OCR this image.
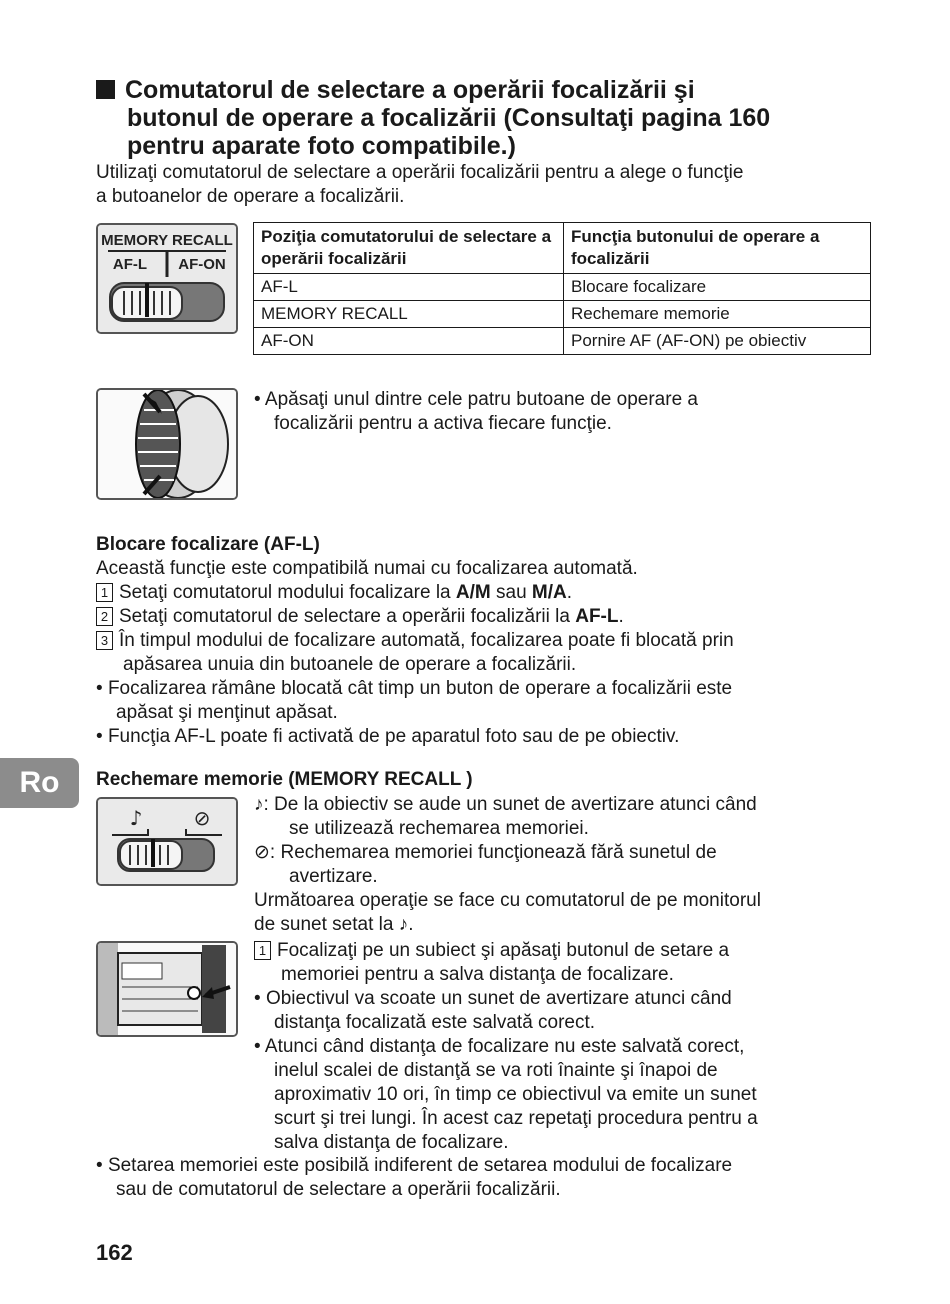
Comutatorul de selectare a operării focalizării şi
butonul de operare a focalizării (Consultaţi pagina 160
pentru aparate foto compatibile.)
Utilizaţi comutatorul de selectare a operării focalizării pentru a alege o funcţie
a butoanelor de operare a focalizării.
MEMORY RECALL
AF-L AF-ON
Poziţia comutatorului de selectare a operării focalizării	Funcţia butonului de operare a focalizării
AF-L	Blocare focalizare
MEMORY RECALL	Rechemare memorie
AF-ON	Pornire AF (AF-ON) pe obiectiv
• Apăsaţi unul dintre cele patru butoane de operare a
focalizării pentru a activa fiecare funcţie.
Blocare focalizare (AF-L)
Această funcţie este compatibilă numai cu focalizarea automată.
1 Setaţi comutatorul modului focalizare la A/M sau M/A.
2 Setaţi comutatorul de selectare a operării focalizării la AF-L.
3 În timpul modului de focalizare automată, focalizarea poate fi blocată prin
apăsarea unuia din butoanele de operare a focalizării.
• Focalizarea rămâne blocată cât timp un buton de operare a focalizării este
apăsat şi menţinut apăsat.
• Funcţia AF-L poate fi activată de pe aparatul foto sau de pe obiectiv.
Ro	Rechemare memorie (MEMORY RECALL )
♪	⊘
♪: De la obiectiv se aude un sunet de avertizare atunci când
se utilizează rechemarea memoriei.
⊘: Rechemarea memoriei funcţionează fără sunetul de
avertizare.
Următoarea operaţie se face cu comutatorul de pe monitorul
de sunet setat la ♪.
1 Focalizaţi pe un subiect şi apăsaţi butonul de setare a
memoriei pentru a salva distanţa de focalizare.
• Obiectivul va scoate un sunet de avertizare atunci când
distanţa focalizată este salvată corect.
• Atunci când distanţa de focalizare nu este salvată corect,
inelul scalei de distanţă se va roti înainte şi înapoi de
aproximativ 10 ori, în timp ce obiectivul va emite un sunet
scurt şi trei lungi. În acest caz repetaţi procedura pentru a
salva distanţa de focalizare.
• Setarea memoriei este posibilă indiferent de setarea modului de focalizare
sau de comutatorul de selectare a operării focalizării.
162
